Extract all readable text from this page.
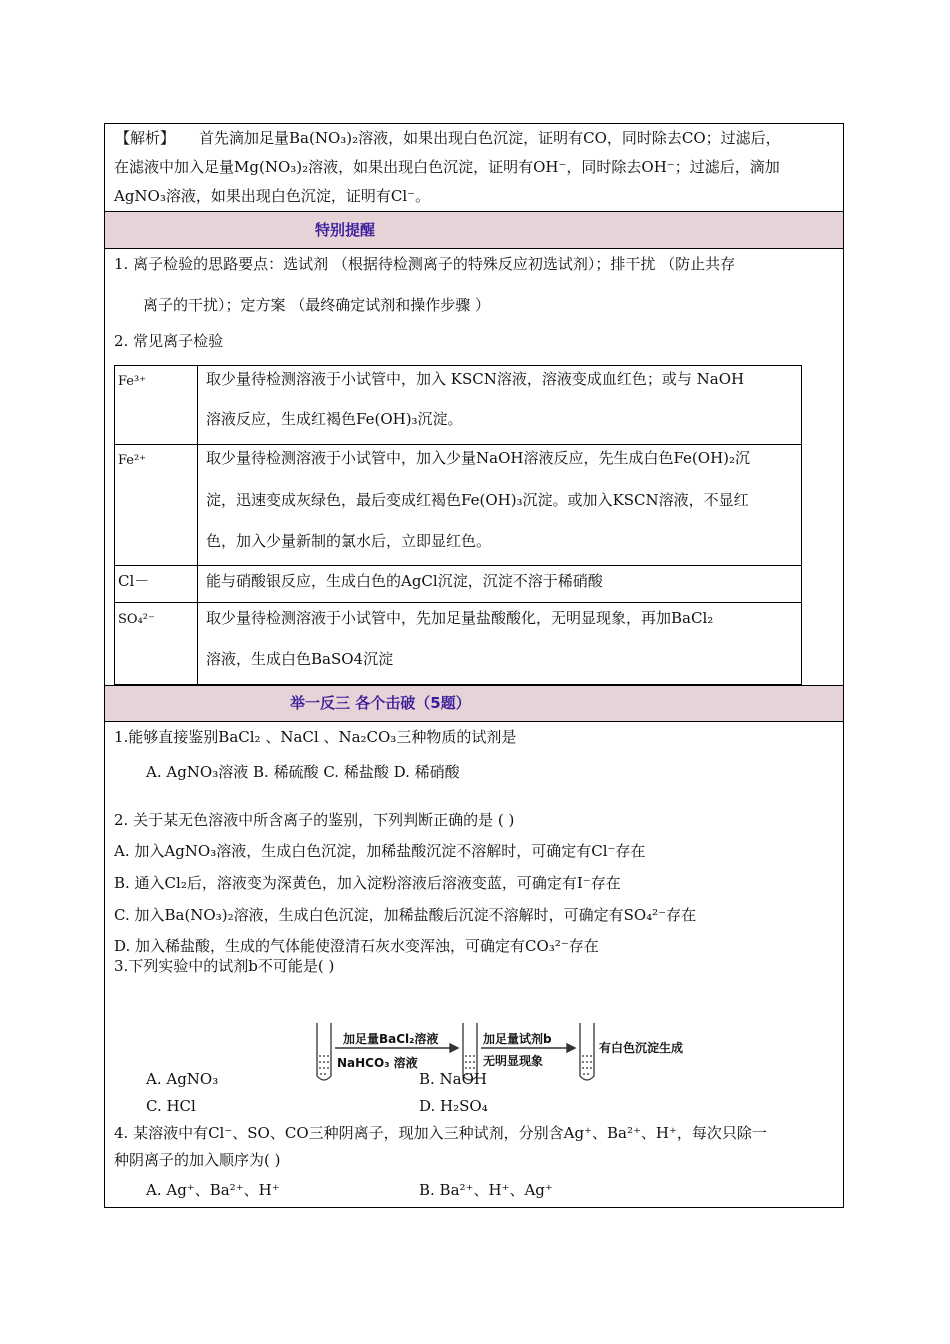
【解析】 首先滴加足量Ba(NO₃)₂溶液，如果出现白色沉淀，证明有CO，同时除去CO；过滤后，
在滤液中加入足量Mg(NO₃)₂溶液，如果出现白色沉淀，证明有OH⁻，同时除去OH⁻；过滤后，滴加
AgNO₃溶液，如果出现白色沉淀，证明有Cl⁻。
特别提醒
1. 离子检验的思路要点：选试剂 （根据待检测离子的特殊反应初选试剂）；排干扰 （防止共存
离子的干扰）；定方案 （最终确定试剂和操作步骤 ）
2. 常见离子检验
Fe³⁺	取少量待检测溶液于小试管中，加入 KSCN溶液，溶液变成血红色；或与 NaOH
溶液反应，生成红褐色Fe(OH)₃沉淀。
Fe²⁺	取少量待检测溶液于小试管中，加入少量NaOH溶液反应，先生成白色Fe(OH)₂沉
淀，迅速变成灰绿色，最后变成红褐色Fe(OH)₃沉淀。或加入KSCN溶液，不显红
色，加入少量新制的氯水后，立即显红色。
Cl－	能与硝酸银反应，生成白色的AgCl沉淀，沉淀不溶于稀硝酸
SO₄²⁻	取少量待检测溶液于小试管中，先加足量盐酸酸化，无明显现象，再加BaCl₂
溶液，生成白色BaSO4沉淀
举一反三 各个击破（5题）
1.能够直接鉴别BaCl₂ 、NaCl 、Na₂CO₃三种物质的试剂是
A. AgNO₃溶液 B. 稀硫酸 C. 稀盐酸 D. 稀硝酸
2. 关于某无色溶液中所含离子的鉴别，下列判断正确的是 ( )
A. 加入AgNO₃溶液，生成白色沉淀，加稀盐酸沉淀不溶解时，可确定有Cl⁻存在
B. 通入Cl₂后，溶液变为深黄色，加入淀粉溶液后溶液变蓝，可确定有I⁻存在
C. 加入Ba(NO₃)₂溶液，生成白色沉淀，加稀盐酸后沉淀不溶解时，可确定有SO₄²⁻存在
D. 加入稀盐酸，生成的气体能使澄清石灰水变浑浊，可确定有CO₃²⁻存在
3.下列实验中的试剂b不可能是( )
加足量BaCl₂溶液
NaHCO₃ 溶液
加足量试剂b
无明显现象
有白色沉淀生成
A. AgNO₃	B. NaOH
C. HCl	D. H₂SO₄
4. 某溶液中有Cl⁻、SO、CO三种阴离子，现加入三种试剂，分别含Ag⁺、Ba²⁺、H⁺，每次只除一
种阴离子的加入顺序为( )
A. Ag⁺、Ba²⁺、H⁺	B. Ba²⁺、H⁺、Ag⁺
